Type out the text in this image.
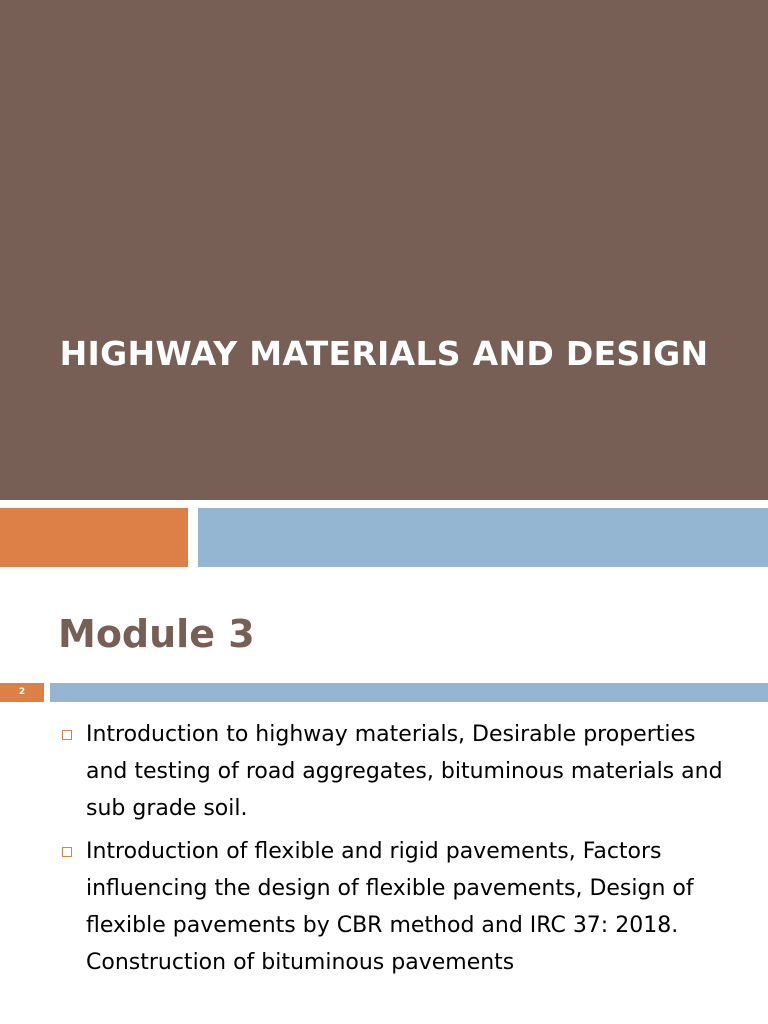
HIGHWAY MATERIALS AND DESIGN
Module 3
2
Introduction to highway materials, Desirable properties and testing of road aggregates, bituminous materials and sub grade soil.
Introduction of flexible and rigid pavements, Factors influencing the design of flexible pavements, Design of flexible pavements by CBR method and IRC 37: 2018. Construction of bituminous pavements
